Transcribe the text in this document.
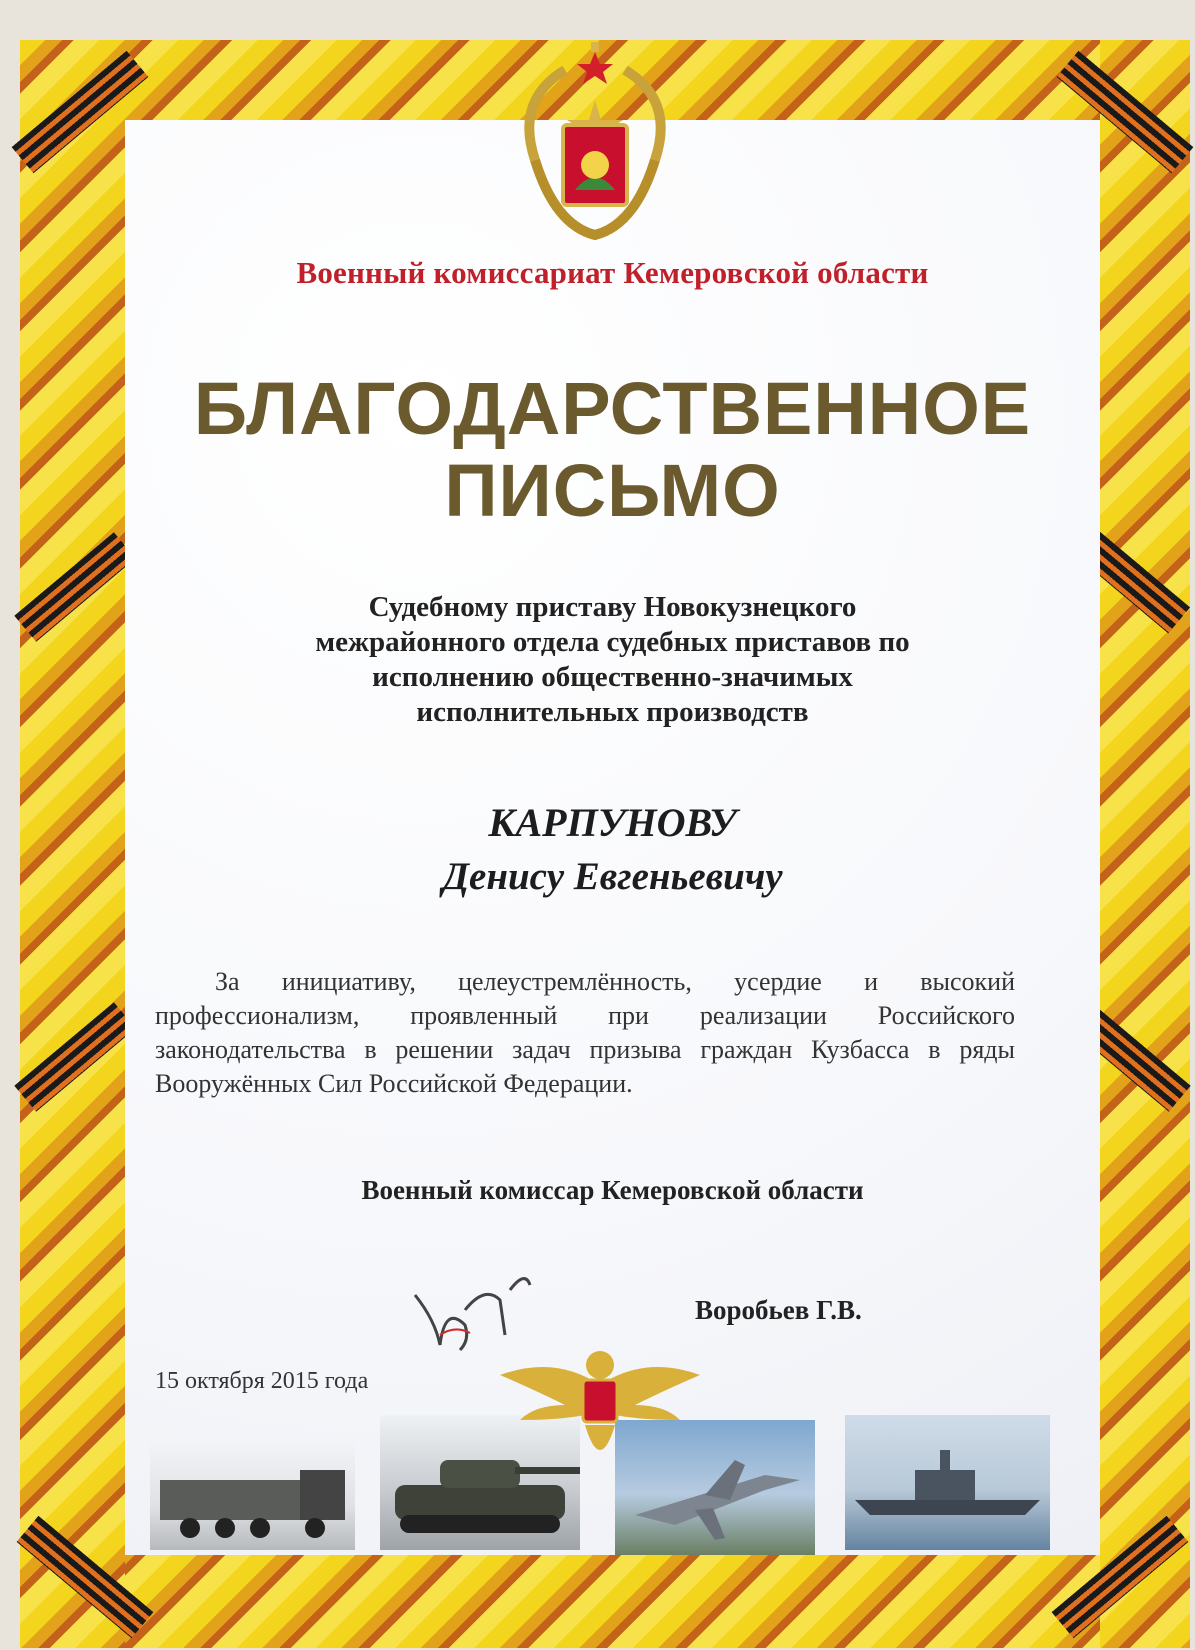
Военный комиссариат Кемеровской области
БЛАГОДАРСТВЕННОЕ
ПИСЬМО
Судебному приставу Новокузнецкого
межрайонного отдела судебных приставов по
исполнению общественно-значимых
исполнительных производств
КАРПУНОВУ
Денису Евгеньевичу
За инициативу, целеустремлённость, усердие и высокий профессионализм, проявленный при реализации Российского законодательства в решении задач призыва граждан Кузбасса в ряды Вооружённых Сил Российской Федерации.
Военный комиссар Кемеровской области
Воробьев Г.В.
15 октября 2015 года
